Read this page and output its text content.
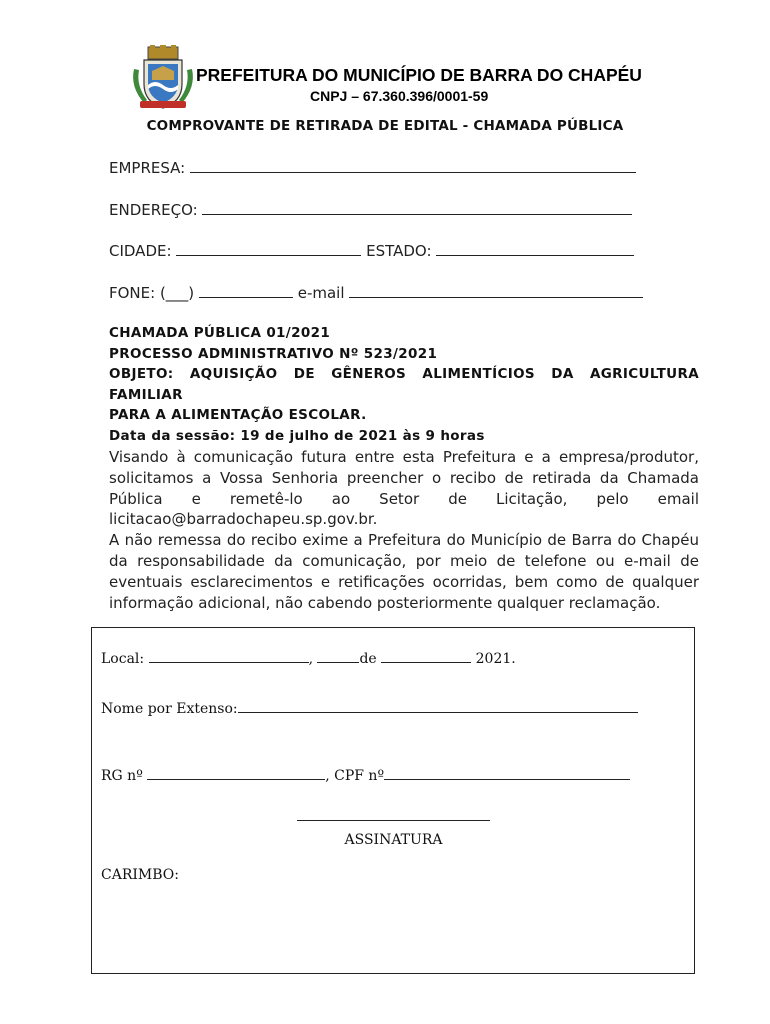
PREFEITURA DO MUNICÍPIO DE BARRA DO CHAPÉU
CNPJ – 67.360.396/0001-59
COMPROVANTE DE RETIRADA DE EDITAL - CHAMADA PÚBLICA
EMPRESA:
ENDEREÇO:
CIDADE:	ESTADO:
FONE: (___)	e-mail

CHAMADA PÚBLICA 01/2021

PROCESSO ADMINISTRATIVO Nº 523/2021

OBJETO: AQUISIÇÃO DE GÊNEROS ALIMENTÍCIOS DA AGRICULTURA FAMILIAR

PARA A ALIMENTAÇÃO ESCOLAR.

Data da sessão: 19 de julho de 2021 às 9 horas

Visando à comunicação futura entre esta Prefeitura e a empresa/produtor, solicitamos a Vossa Senhoria preencher o recibo de retirada da Chamada Pública e remetê-lo ao Setor de Licitação, pelo email licitacao@barradochapeu.sp.gov.br.

A não remessa do recibo exime a Prefeitura do Município de Barra do Chapéu da responsabilidade da comunicação, por meio de telefone ou e-mail de eventuais esclarecimentos e retificações ocorridas, bem como de qualquer informação adicional, não cabendo posteriormente qualquer reclamação.

Local:	,	de	2021.
Nome por Extenso:
RG nº	, CPF nº
ASSINATURA
CARIMBO:
